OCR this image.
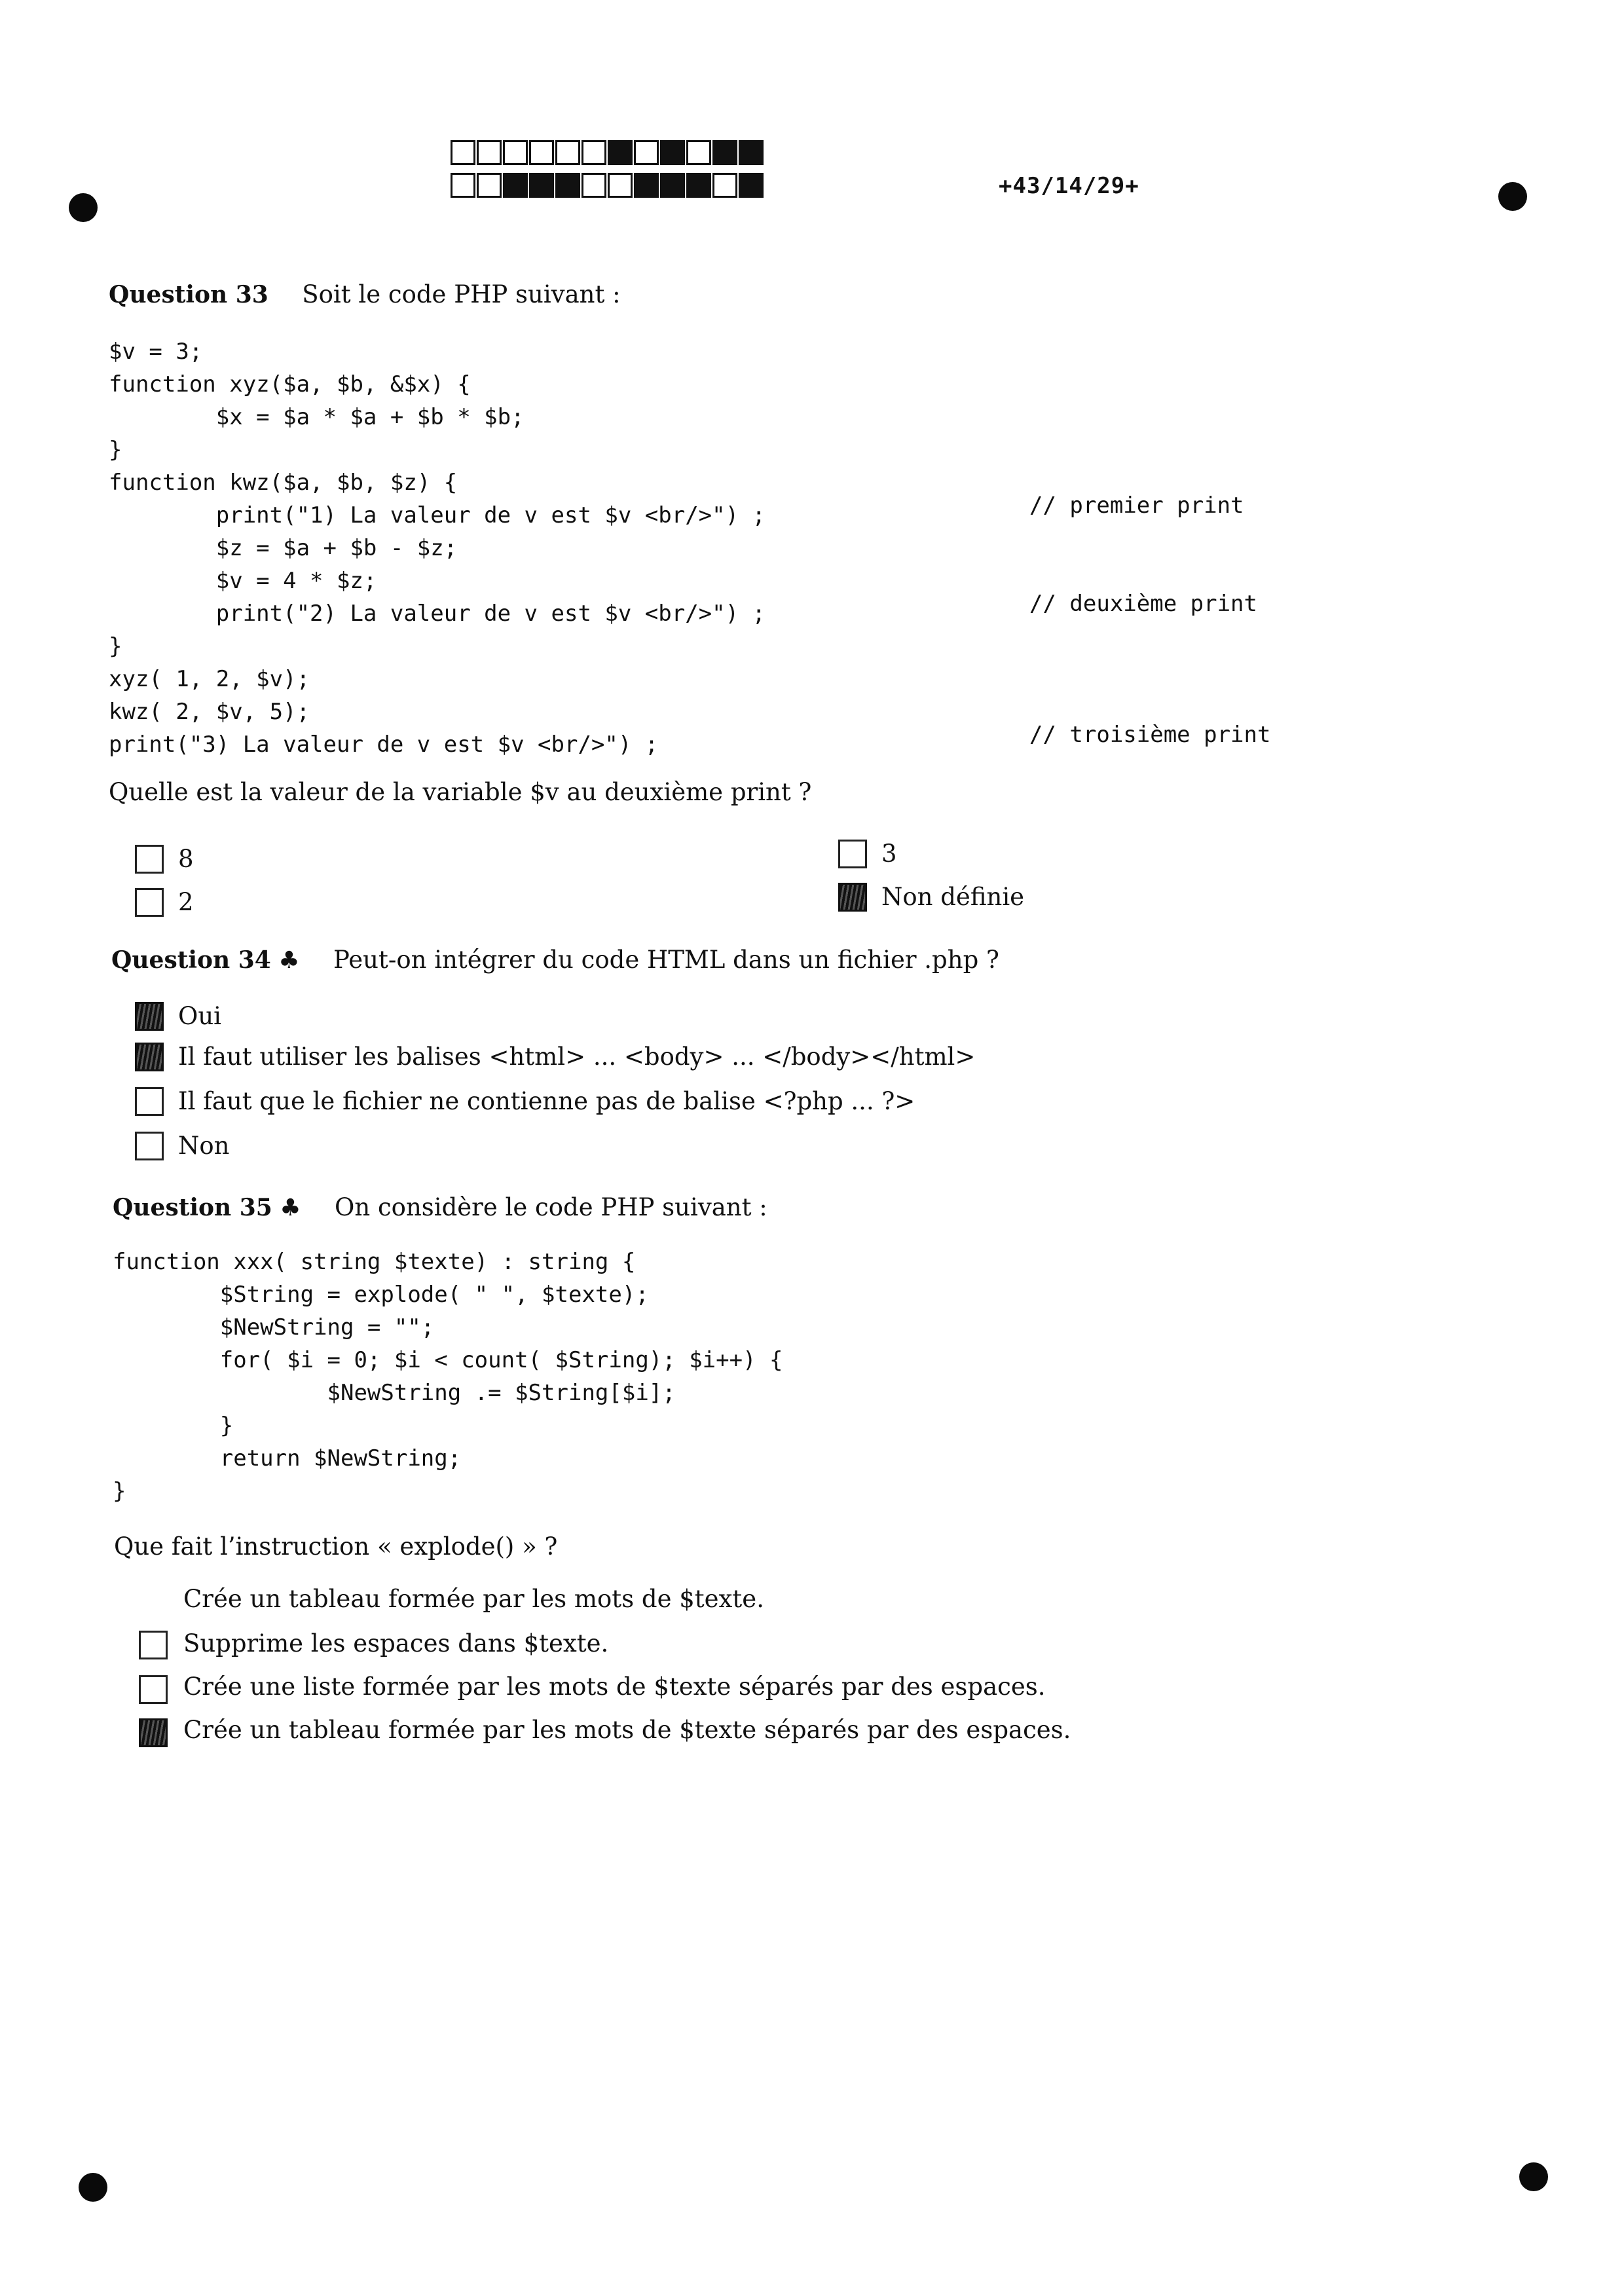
+43/14/29+
Question 33 Soit le code PHP suivant :
$v = 3;
function xyz($a, $b, &$x) {
$x = $a * $a + $b * $b;
}
function kwz($a, $b, $z) {
print("1) La valeur de v est $v <br/>") ;
$z = $a + $b - $z;
$v = 4 * $z;
print("2) La valeur de v est $v <br/>") ;
}
xyz( 1, 2, $v);
kwz( 2, $v, 5);
print("3) La valeur de v est $v <br/>") ;
// premier print
// deuxième print
// troisième print
Quelle est la valeur de la variable $v au deuxième print ?
8
2
3
Non définie
Question 34 ♣ Peut-on intégrer du code HTML dans un fichier .php ?
Oui
Il faut utiliser les balises <html> ... <body> ... </body></html>
Il faut que le fichier ne contienne pas de balise <?php ... ?>
Non
Question 35 ♣ On considère le code PHP suivant :
function xxx( string $texte) : string {
$String = explode( " ", $texte);
$NewString = "";
for( $i = 0; $i < count( $String); $i++) {
$NewString .= $String[$i];
}
return $NewString;
}
Que fait l’instruction « explode() » ?
Crée un tableau formée par les mots de $texte.
Supprime les espaces dans $texte.
Crée une liste formée par les mots de $texte séparés par des espaces.
Crée un tableau formée par les mots de $texte séparés par des espaces.
